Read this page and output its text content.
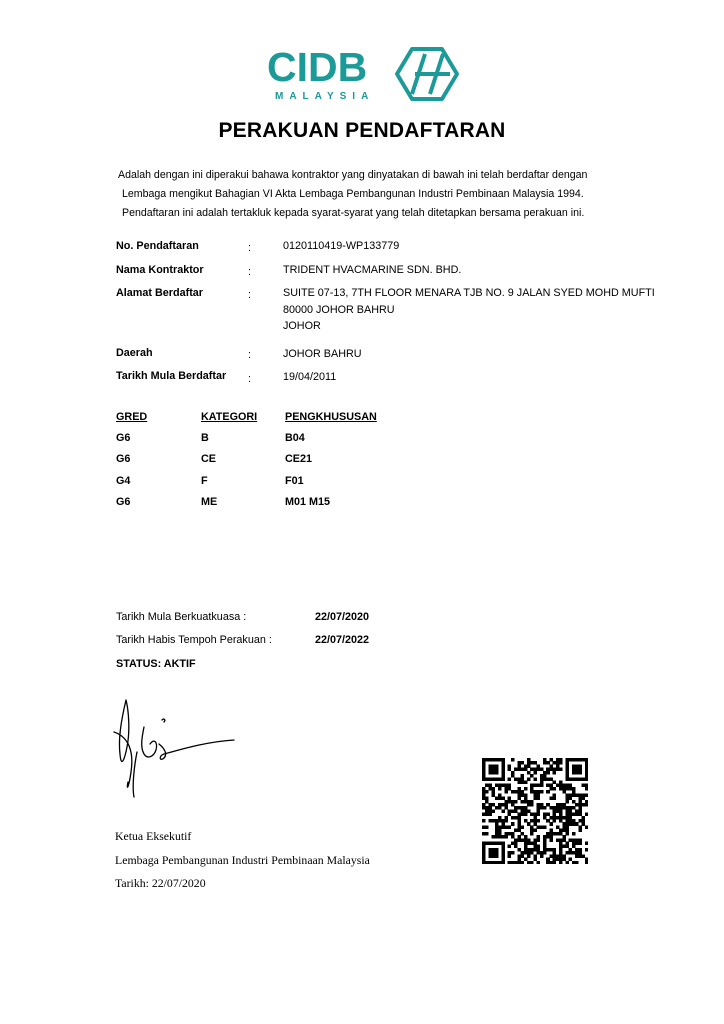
CIDB
MALAYSIA
PERAKUAN PENDAFTARAN
Adalah dengan ini diperakui bahawa kontraktor yang dinyatakan di bawah ini telah berdaftar dengan
Lembaga mengikut Bahagian VI Akta Lembaga Pembangunan Industri Pembinaan Malaysia 1994.
Pendaftaran ini adalah tertakluk kepada syarat-syarat yang telah ditetapkan bersama perakuan ini.
No. Pendaftaran	:	0120110419-WP133779
Nama Kontraktor	:	TRIDENT HVACMARINE SDN. BHD.
Alamat Berdaftar	:	SUITE 07-13, 7TH FLOOR MENARA TJB NO. 9 JALAN SYED MOHD MUFTI
80000 JOHOR BAHRU
JOHOR
Daerah	:	JOHOR BAHRU
Tarikh Mula Berdaftar :	19/04/2011
GRED	KATEGORI	PENGKHUSUSAN
G6	B	B04
G6	CE	CE21
G4	F	F01
G6	ME	M01 M15
Tarikh Mula Berkuatkuasa :	22/07/2020
Tarikh Habis Tempoh Perakuan :	22/07/2022
STATUS: AKTIF
Ketua Eksekutif
Lembaga Pembangunan Industri Pembinaan Malaysia
Tarikh: 22/07/2020
